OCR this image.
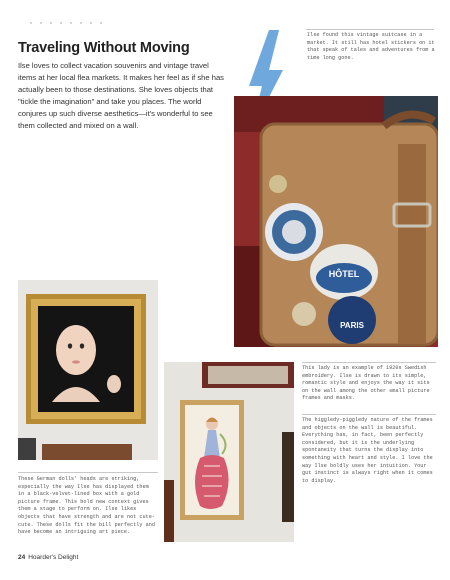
Traveling Without Moving

Ilse loves to collect vacation souvenirs and vintage travel items at her local flea markets. It makes her feel as if she has actually been to those destinations. She loves objects that "tickle the imagination" and take you places. The world conjures up such diverse aesthetics—it's wonderful to see them collected and mixed on a wall.

Ilse found this vintage suitcase in a market. It still has hotel stickers on it that speak of tales and adventures from a time long gone.

HÔTEL
PARIS

These German dolls' heads are striking, especially the way Ilse has displayed them in a black-velvet-lined box with a gold picture frame. This bold new context gives them a stage to perform on. Ilse likes objects that have strength and are not cute-cute. These dolls fit the bill perfectly and have become an intriguing art piece.

This lady is an example of 1920s Swedish embroidery. Ilse is drawn to its simple, romantic style and enjoys the way it sits on the wall among the other small picture frames and masks.

The higgledy-piggledy nature of the frames and objects on the wall is beautiful. Everything has, in fact, been perfectly considered, but it is the underlying spontaneity that turns the display into something with heart and style. I love the way Ilse boldly uses her intuition. Your gut instinct is always right when it comes to display.

24 Hoarder's Delight
